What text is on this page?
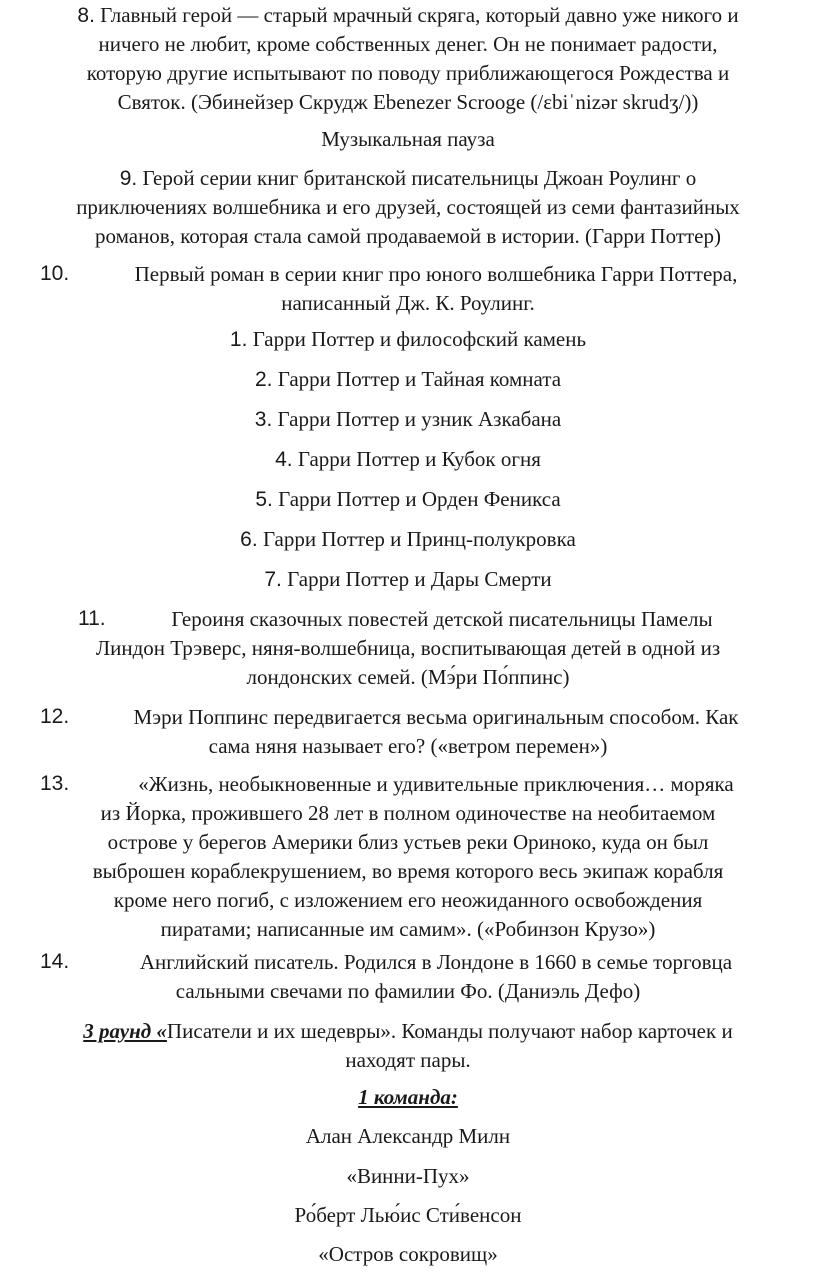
8. Главный герой — старый мрачный скряга, который давно уже никого и
ничего не любит, кроме собственных денег. Он не понимает радости,
которую другие испытывают по поводу приближающегося Рождества и
Святок. (Эбинейзер Скрудж Ebenezer Scrooge (/ɛbiˈnizər skrudʒ/))
Музыкальная пауза
9. Герой серии книг британской писательницы Джоан Роулинг о
приключениях волшебника и его друзей, состоящей из семи фантазийных
романов, которая стала самой продаваемой в истории. (Гарри Поттер)
10.	Первый роман в серии книг про юного волшебника Гарри Поттера,
написанный Дж. К. Роулинг.
1. Гарри Поттер и философский камень
2. Гарри Поттер и Тайная комната
3. Гарри Поттер и узник Азкабана
4. Гарри Поттер и Кубок огня
5. Гарри Поттер и Орден Феникса
6. Гарри Поттер и Принц-полукровка
7. Гарри Поттер и Дары Смерти
11.	Героиня сказочных повестей детской писательницы Памелы
Линдон Трэверс, няня-волшебница, воспитывающая детей в одной из
лондонских семей. (Мэ́ри По́ппинс)
12.	Мэри Поппинс передвигается весьма оригинальным способом. Как
сама няня называет его? («ветром перемен»)
13.	«Жизнь, необыкновенные и удивительные приключения… моряка
из Йорка, прожившего 28 лет в полном одиночестве на необитаемом
острове у берегов Америки близ устьев реки Ориноко, куда он был
выброшен кораблекрушением, во время которого весь экипаж корабля
кроме него погиб, с изложением его неожиданного освобождения
пиратами; написанные им самим». («Робинзон Крузо»)
14.	Английский писатель. Родился в Лондоне в 1660 в семье торговца
сальными свечами по фамилии Фо. (Даниэль Дефо)
3 раунд «Писатели и их шедевры». Команды получают набор карточек и
находят пары.
1 команда:
Алан Александр Милн
«Винни-Пух»
Ро́берт Лью́ис Сти́венсон
«Остров сокровищ»
